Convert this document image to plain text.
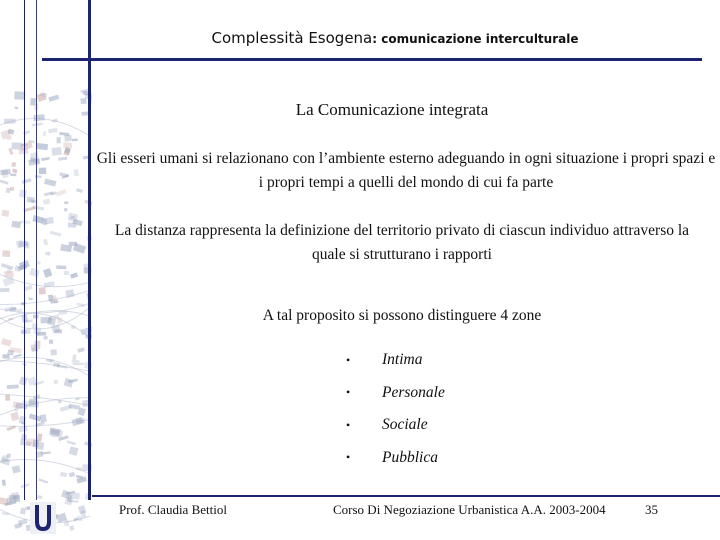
Complessità Esogena: comunicazione interculturale
La Comunicazione integrata
Gli esseri umani si relazionano con l’ambiente esterno adeguando in ogni situazione i propri spazi e i propri tempi a quelli del mondo di cui fa parte
La distanza rappresenta la definizione del territorio privato di ciascun individuo attraverso la quale si strutturano i rapporti
A tal proposito si possono distinguere 4 zone
•	Intima
•	Personale
•	Sociale
•	Pubblica
Prof. Claudia Bettiol	Corso Di Negoziazione Urbanistica A.A. 2003-2004	35
